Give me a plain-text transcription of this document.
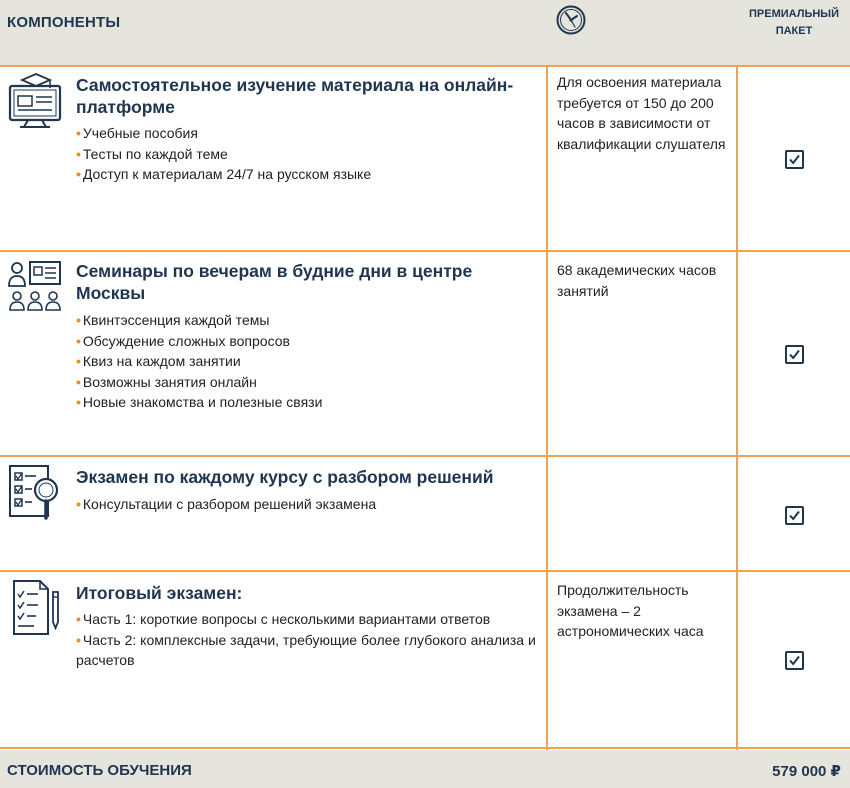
КОМПОНЕНТЫ	ПРЕМИАЛЬНЫЙ ПАКЕТ
Самостоятельное изучение материала на онлайн-платформе
• Учебные пособия
• Тесты по каждой теме
• Доступ к материалам 24/7 на русском языке
Для освоения материала требуется от 150 до 200 часов в зависимости от квалификации слушателя
Семинары по вечерам в будние дни в центре Москвы
• Квинтэссенция каждой темы
• Обсуждение сложных вопросов
• Квиз на каждом занятии
• Возможны занятия онлайн
• Новые знакомства и полезные связи
68 академических часов занятий
Экзамен по каждому курсу с разбором решений
• Консультации с разбором решений экзамена
Итоговый экзамен:
• Часть 1: короткие вопросы с несколькими вариантами ответов
• Часть 2: комплексные задачи, требующие более глубокого анализа и расчетов
Продолжительность экзамена – 2 астрономических часа
СТОИМОСТЬ ОБУЧЕНИЯ	579 000 ₽
